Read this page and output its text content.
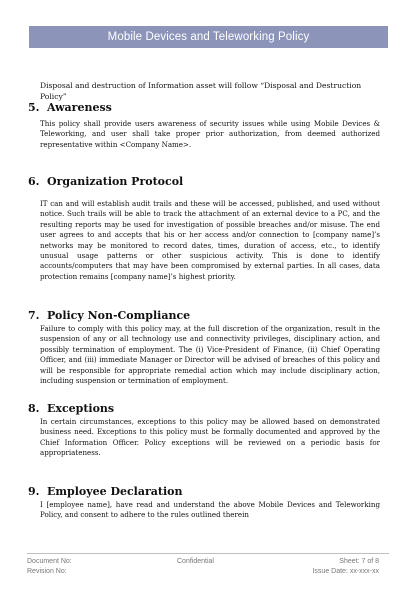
Mobile Devices and Teleworking Policy
Disposal and destruction of Information asset will follow “Disposal and Destruction Policy”
5. Awareness
This policy shall provide users awareness of security issues while using Mobile Devices & Teleworking, and user shall take proper prior authorization, from deemed authorized representative within <Company Name>.
6. Organization Protocol
IT can and will establish audit trails and these will be accessed, published, and used without notice. Such trails will be able to track the attachment of an external device to a PC, and the resulting reports may be used for investigation of possible breaches and/or misuse. The end user agrees to and accepts that his or her access and/or connection to [company name]’s networks may be monitored to record dates, times, duration of access, etc., to identify unusual usage patterns or other suspicious activity. This is done to identify accounts/computers that may have been compromised by external parties. In all cases, data protection remains [company name]’s highest priority.
7. Policy Non-Compliance
Failure to comply with this policy may, at the full discretion of the organization, result in the suspension of any or all technology use and connectivity privileges, disciplinary action, and possibly termination of employment. The (i) Vice-President of Finance, (ii) Chief Operating Officer, and (iii) immediate Manager or Director will be advised of breaches of this policy and will be responsible for appropriate remedial action which may include disciplinary action, including suspension or termination of employment.
8. Exceptions
In certain circumstances, exceptions to this policy may be allowed based on demonstrated business need. Exceptions to this policy must be formally documented and approved by the Chief Information Officer. Policy exceptions will be reviewed on a periodic basis for appropriateness.
9. Employee Declaration
I [employee name], have read and understand the above Mobile Devices and Teleworking Policy, and consent to adhere to the rules outlined therein
Document No:
Revision No:
Confidential	Sheet: 7 of 8
Issue Date: xx-xxx-xx
